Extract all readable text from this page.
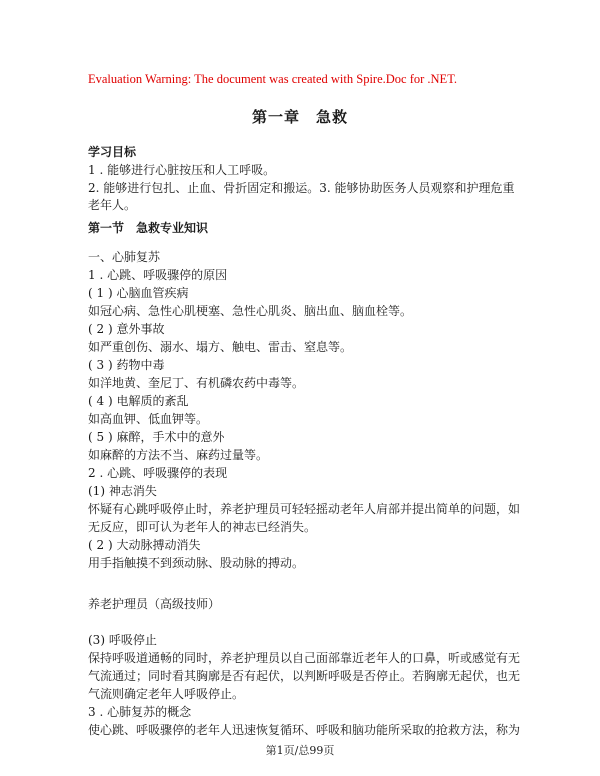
Evaluation Warning: The document was created with Spire.Doc for .NET.
第一章　急救
学习目标
1 . 能够进行心脏按压和人工呼吸。
2. 能够进行包扎、止血、骨折固定和搬运。3. 能够协助医务人员观察和护理危重
老年人。
第一节　急救专业知识
一、心肺复苏
1 . 心跳、呼吸骤停的原因
( 1 ) 心脑血管疾病
如冠心病、急性心肌梗塞、急性心肌炎、脑出血、脑血栓等。
( 2 ) 意外事故
如严重创伤、溺水、塌方、触电、雷击、窒息等。
( 3 ) 药物中毒
如洋地黄、奎尼丁、有机磷农药中毒等。
( 4 ) 电解质的紊乱
如高血钾、低血钾等。
( 5 ) 麻醉，手术中的意外
如麻醉的方法不当、麻药过量等。
2 . 心跳、呼吸骤停的表现
(1) 神志消失
怀疑有心跳呼吸停止时，养老护理员可轻轻摇动老年人肩部并提出简单的问题，如
无反应，即可认为老年人的神志已经消失。
( 2 ) 大动脉搏动消失
用手指触摸不到颈动脉、股动脉的搏动。
养老护理员（高级技师）
(3) 呼吸停止
保持呼吸道通畅的同时，养老护理员以自己面部靠近老年人的口鼻，听或感觉有无
气流通过；同时看其胸廓是否有起伏，以判断呼吸是否停止。若胸廓无起伏，也无
气流则确定老年人呼吸停止。
3 . 心肺复苏的概念
使心跳、呼吸骤停的老年人迅速恢复循环、呼吸和脑功能所采取的抢救方法，称为
第1页/总99页
